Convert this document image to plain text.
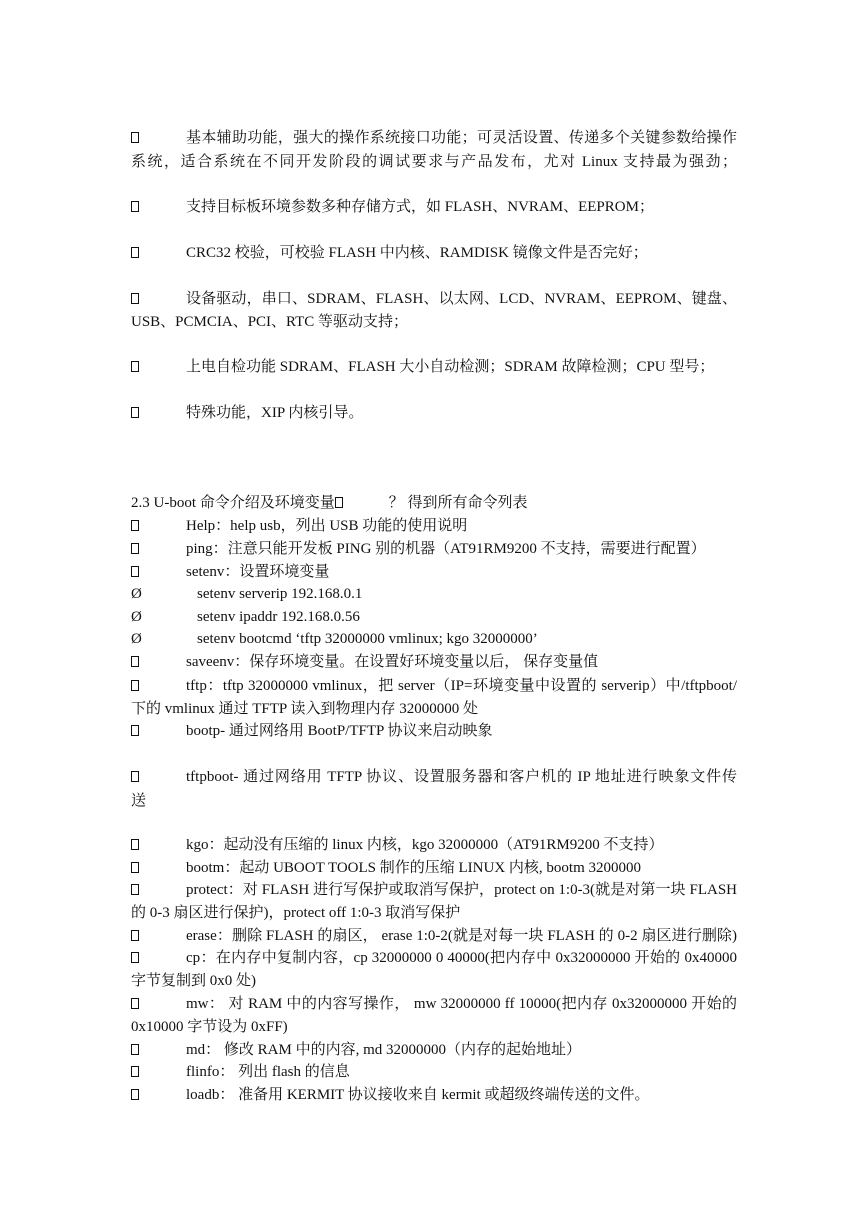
基本辅助功能，强大的操作系统接口功能；可灵活设置、传递多个关键参数给操作
系统，适合系统在不同开发阶段的调试要求与产品发布，尤对 Linux 支持最为强劲；
支持目标板环境参数多种存储方式，如 FLASH、NVRAM、EEPROM；
CRC32 校验，可校验 FLASH 中内核、RAMDISK 镜像文件是否完好；
设备驱动，串口、SDRAM、FLASH、以太网、LCD、NVRAM、EEPROM、键盘、
USB、PCMCIA、PCI、RTC 等驱动支持；
上电自检功能 SDRAM、FLASH 大小自动检测；SDRAM 故障检测；CPU 型号；
特殊功能，XIP 内核引导。
2.3 U-boot 命令介绍及环境变量	？ 得到所有命令列表
Help：help usb，列出 USB 功能的使用说明
ping：注意只能开发板 PING 别的机器（AT91RM9200 不支持，需要进行配置）
setenv：设置环境变量
Ø	setenv serverip 192.168.0.1
Ø	setenv ipaddr 192.168.0.56
Ø	setenv bootcmd ‘tftp 32000000 vmlinux; kgo 32000000’
saveenv：保存环境变量。在设置好环境变量以后， 保存变量值
tftp：tftp 32000000 vmlinux，把 server（IP=环境变量中设置的 serverip）中/tftpboot/
下的 vmlinux 通过 TFTP 读入到物理内存 32000000 处
bootp- 通过网络用 BootP/TFTP 协议来启动映象
tftpboot- 通过网络用 TFTP 协议、设置服务器和客户机的 IP 地址进行映象文件传
送
kgo：起动没有压缩的 linux 内核，kgo 32000000（AT91RM9200 不支持）
bootm：起动 UBOOT TOOLS 制作的压缩 LINUX 内核, bootm 3200000
protect：对 FLASH 进行写保护或取消写保护，protect on 1:0-3(就是对第一块 FLASH
的 0-3 扇区进行保护)，protect off 1:0-3 取消写保护
erase：删除 FLASH 的扇区， erase 1:0-2(就是对每一块 FLASH 的 0-2 扇区进行删除)
cp：在内存中复制内容，cp 32000000 0 40000(把内存中 0x32000000 开始的 0x40000
字节复制到 0x0 处)
mw： 对 RAM 中的内容写操作， mw 32000000 ff 10000(把内存 0x32000000 开始的
0x10000 字节设为 0xFF)
md： 修改 RAM 中的内容, md 32000000（内存的起始地址）
flinfo： 列出 flash 的信息
loadb： 准备用 KERMIT 协议接收来自 kermit 或超级终端传送的文件。
